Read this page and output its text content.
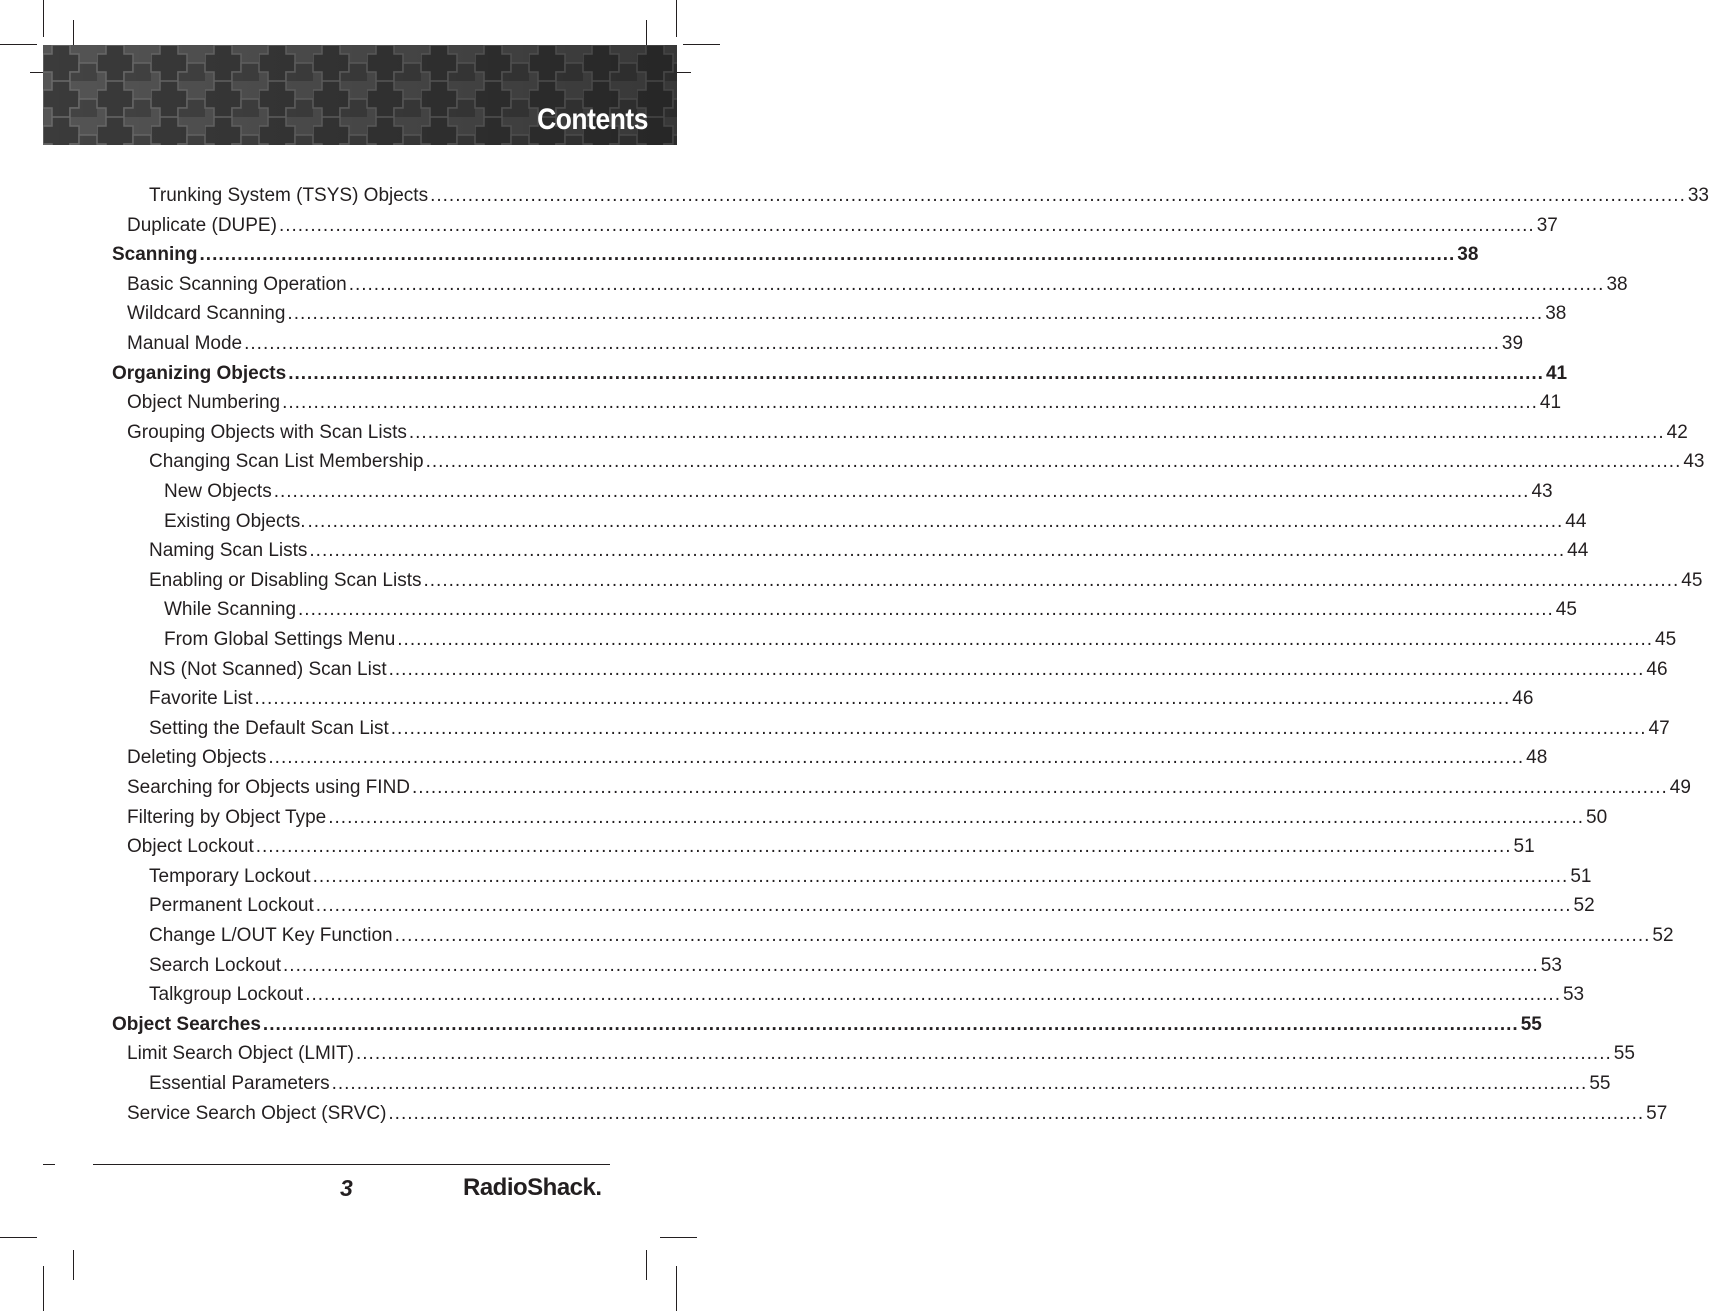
Contents
Trunking System (TSYS) Objects ........................................................................................................................................................................................................ 33
Duplicate (DUPE) ........................................................................................................................................................................................................ 37
Scanning ........................................................................................................................................................................................................ 38
Basic Scanning Operation ........................................................................................................................................................................................................ 38
Wildcard Scanning ........................................................................................................................................................................................................ 38
Manual Mode ........................................................................................................................................................................................................ 39
Organizing Objects ........................................................................................................................................................................................................ 41
Object Numbering ........................................................................................................................................................................................................ 41
Grouping Objects with Scan Lists ........................................................................................................................................................................................................ 42
Changing Scan List Membership ........................................................................................................................................................................................................ 43
New Objects ........................................................................................................................................................................................................ 43
Existing Objects. ........................................................................................................................................................................................................ 44
Naming Scan Lists ........................................................................................................................................................................................................ 44
Enabling or Disabling Scan Lists ........................................................................................................................................................................................................ 45
While Scanning ........................................................................................................................................................................................................ 45
From Global Settings Menu ........................................................................................................................................................................................................ 45
NS (Not Scanned) Scan List ........................................................................................................................................................................................................ 46
Favorite List ........................................................................................................................................................................................................ 46
Setting the Default Scan List ........................................................................................................................................................................................................ 47
Deleting Objects ........................................................................................................................................................................................................ 48
Searching for Objects using FIND ........................................................................................................................................................................................................ 49
Filtering by Object Type ........................................................................................................................................................................................................ 50
Object Lockout ........................................................................................................................................................................................................ 51
Temporary Lockout ........................................................................................................................................................................................................ 51
Permanent Lockout ........................................................................................................................................................................................................ 52
Change L/OUT Key Function ........................................................................................................................................................................................................ 52
Search Lockout ........................................................................................................................................................................................................ 53
Talkgroup Lockout ........................................................................................................................................................................................................ 53
Object Searches ........................................................................................................................................................................................................ 55
Limit Search Object (LMIT) ........................................................................................................................................................................................................ 55
Essential Parameters ........................................................................................................................................................................................................ 55
Service Search Object (SRVC) ........................................................................................................................................................................................................ 57
3	RadioShack.
